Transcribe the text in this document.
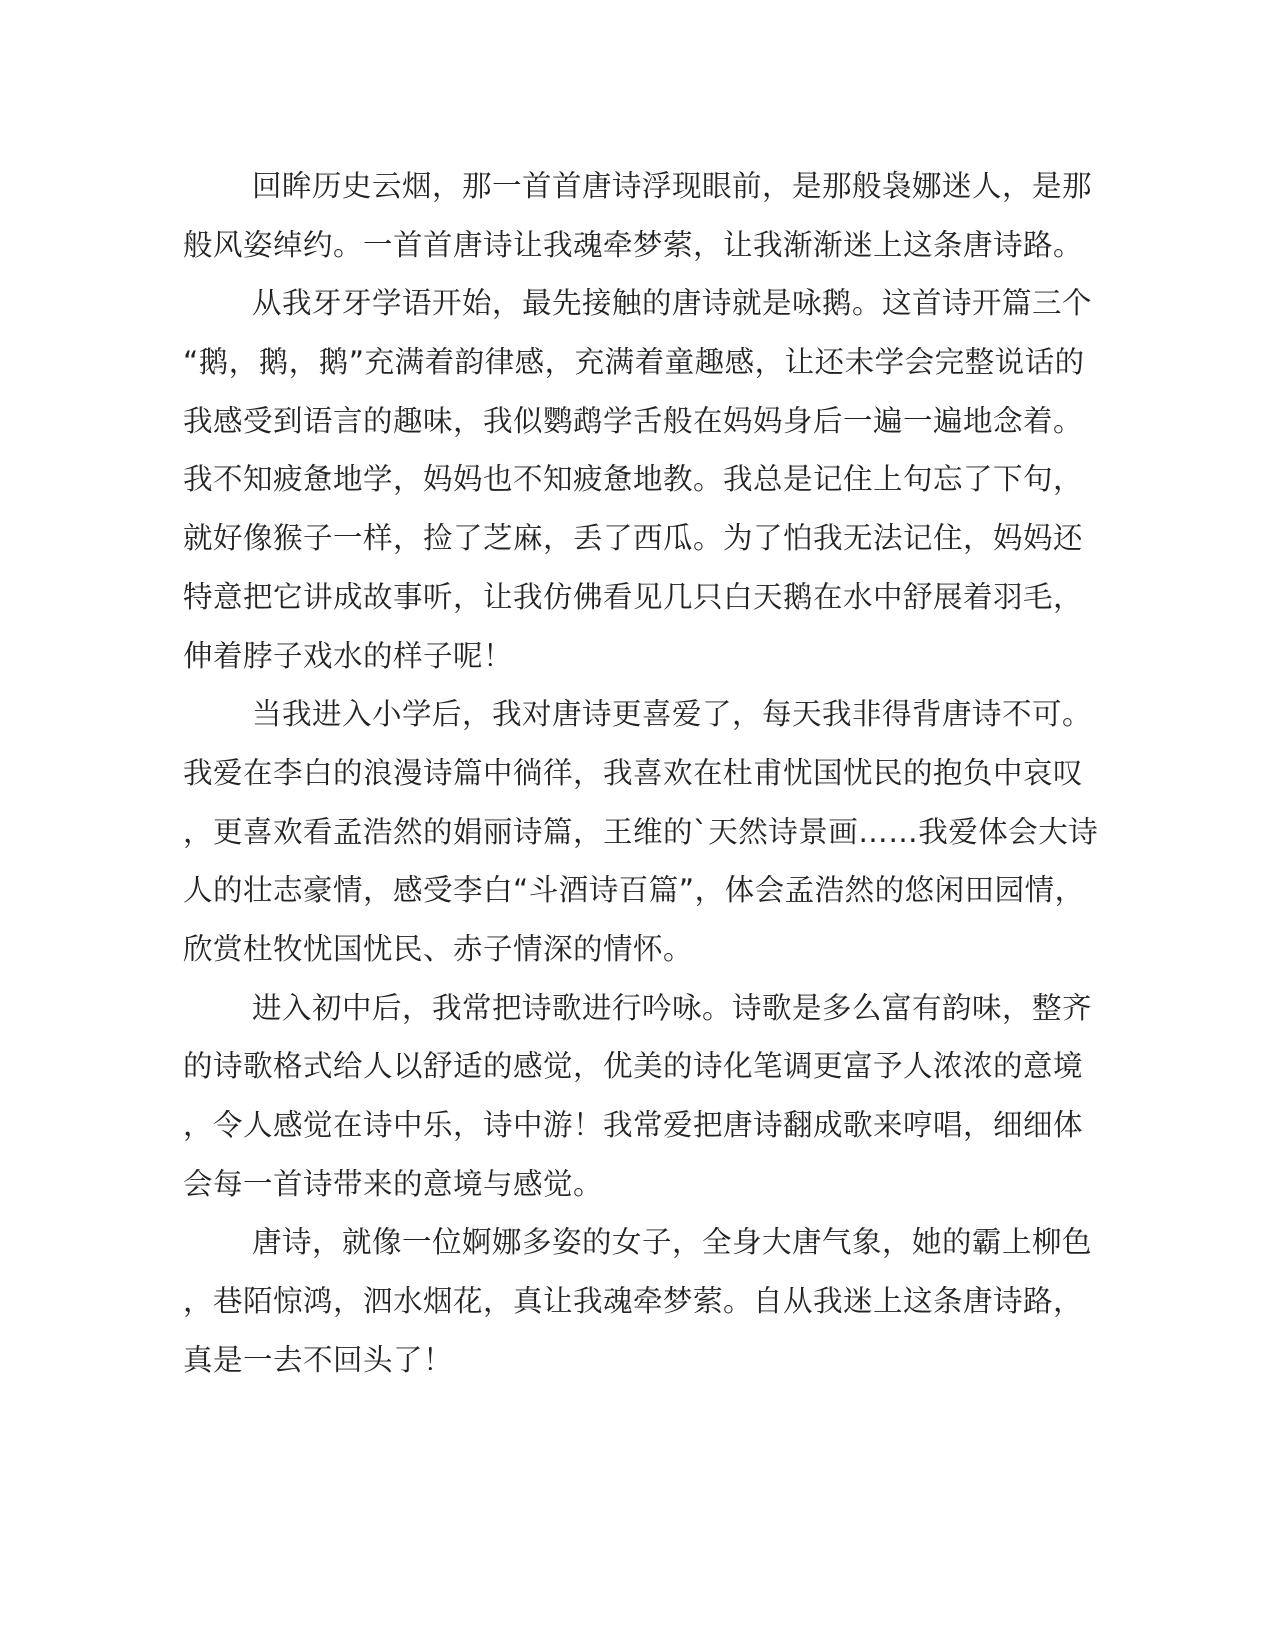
回眸历史云烟，那一首首唐诗浮现眼前，是那般袅娜迷人，是那
般风姿绰约。一首首唐诗让我魂牵梦萦，让我渐渐迷上这条唐诗路。
从我牙牙学语开始，最先接触的唐诗就是咏鹅。这首诗开篇三个
“鹅，鹅，鹅”充满着韵律感，充满着童趣感，让还未学会完整说话的
我感受到语言的趣味，我似鹦鹉学舌般在妈妈身后一遍一遍地念着。
我不知疲惫地学，妈妈也不知疲惫地教。我总是记住上句忘了下句，
就好像猴子一样，捡了芝麻，丢了西瓜。为了怕我无法记住，妈妈还
特意把它讲成故事听，让我仿佛看见几只白天鹅在水中舒展着羽毛，
伸着脖子戏水的样子呢！
当我进入小学后，我对唐诗更喜爱了，每天我非得背唐诗不可。
我爱在李白的浪漫诗篇中徜徉，我喜欢在杜甫忧国忧民的抱负中哀叹
，更喜欢看孟浩然的娟丽诗篇，王维的`天然诗景画……我爱体会大诗
人的壮志豪情，感受李白“斗酒诗百篇”，体会孟浩然的悠闲田园情，
欣赏杜牧忧国忧民、赤子情深的情怀。
进入初中后，我常把诗歌进行吟咏。诗歌是多么富有韵味，整齐
的诗歌格式给人以舒适的感觉，优美的诗化笔调更富予人浓浓的意境
，令人感觉在诗中乐，诗中游！我常爱把唐诗翻成歌来哼唱，细细体
会每一首诗带来的意境与感觉。
唐诗，就像一位婀娜多姿的女子，全身大唐气象，她的霸上柳色
，巷陌惊鸿，泗水烟花，真让我魂牵梦萦。自从我迷上这条唐诗路，
真是一去不回头了！
